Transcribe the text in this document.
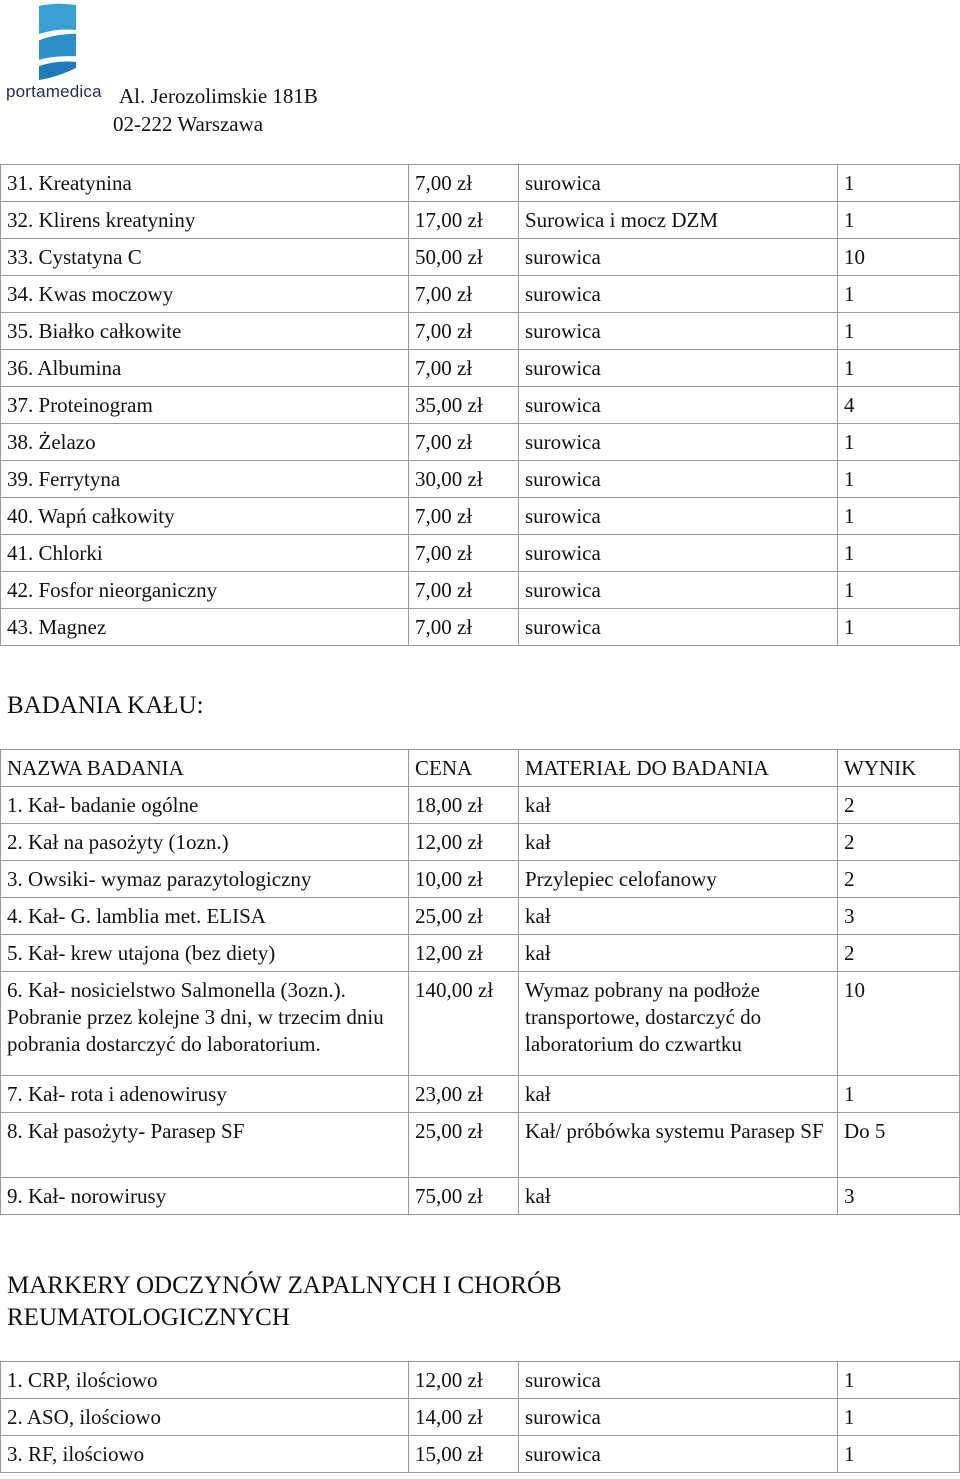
portamedica Al. Jerozolimskie 181B
02-222 Warszawa
31. Kreatynina	7,00 zł	surowica	1
32. Klirens kreatyniny	17,00 zł	Surowica i mocz DZM	1
33. Cystatyna C	50,00 zł	surowica	10
34. Kwas moczowy	7,00 zł	surowica	1
35. Białko całkowite	7,00 zł	surowica	1
36. Albumina	7,00 zł	surowica	1
37. Proteinogram	35,00 zł	surowica	4
38. Żelazo	7,00 zł	surowica	1
39. Ferrytyna	30,00 zł	surowica	1
40. Wapń całkowity	7,00 zł	surowica	1
41. Chlorki	7,00 zł	surowica	1
42. Fosfor nieorganiczny	7,00 zł	surowica	1
43. Magnez	7,00 zł	surowica	1
BADANIA KAŁU:
NAZWA BADANIA	CENA	MATERIAŁ DO BADANIA	WYNIK
1. Kał- badanie ogólne	18,00 zł	kał	2
2. Kał na pasożyty (1ozn.)	12,00 zł	kał	2
3. Owsiki- wymaz parazytologiczny	10,00 zł	Przylepiec celofanowy	2
4. Kał- G. lamblia met. ELISA	25,00 zł	kał	3
5. Kał- krew utajona (bez diety)	12,00 zł	kał	2
6. Kał- nosicielstwo Salmonella (3ozn.). Pobranie przez kolejne 3 dni, w trzecim dniu pobrania dostarczyć do laboratorium.	140,00 zł	Wymaz pobrany na podłoże transportowe, dostarczyć do laboratorium do czwartku	10
7. Kał- rota i adenowirusy	23,00 zł	kał	1
8. Kał pasożyty- Parasep SF	25,00 zł	Kał/ próbówka systemu Parasep SF	Do 5
9. Kał- norowirusy	75,00 zł	kał	3
MARKERY ODCZYNÓW ZAPALNYCH I CHORÓB
REUMATOLOGICZNYCH
1. CRP, ilościowo	12,00 zł	surowica	1
2. ASO, ilościowo	14,00 zł	surowica	1
3. RF, ilościowo	15,00 zł	surowica	1
